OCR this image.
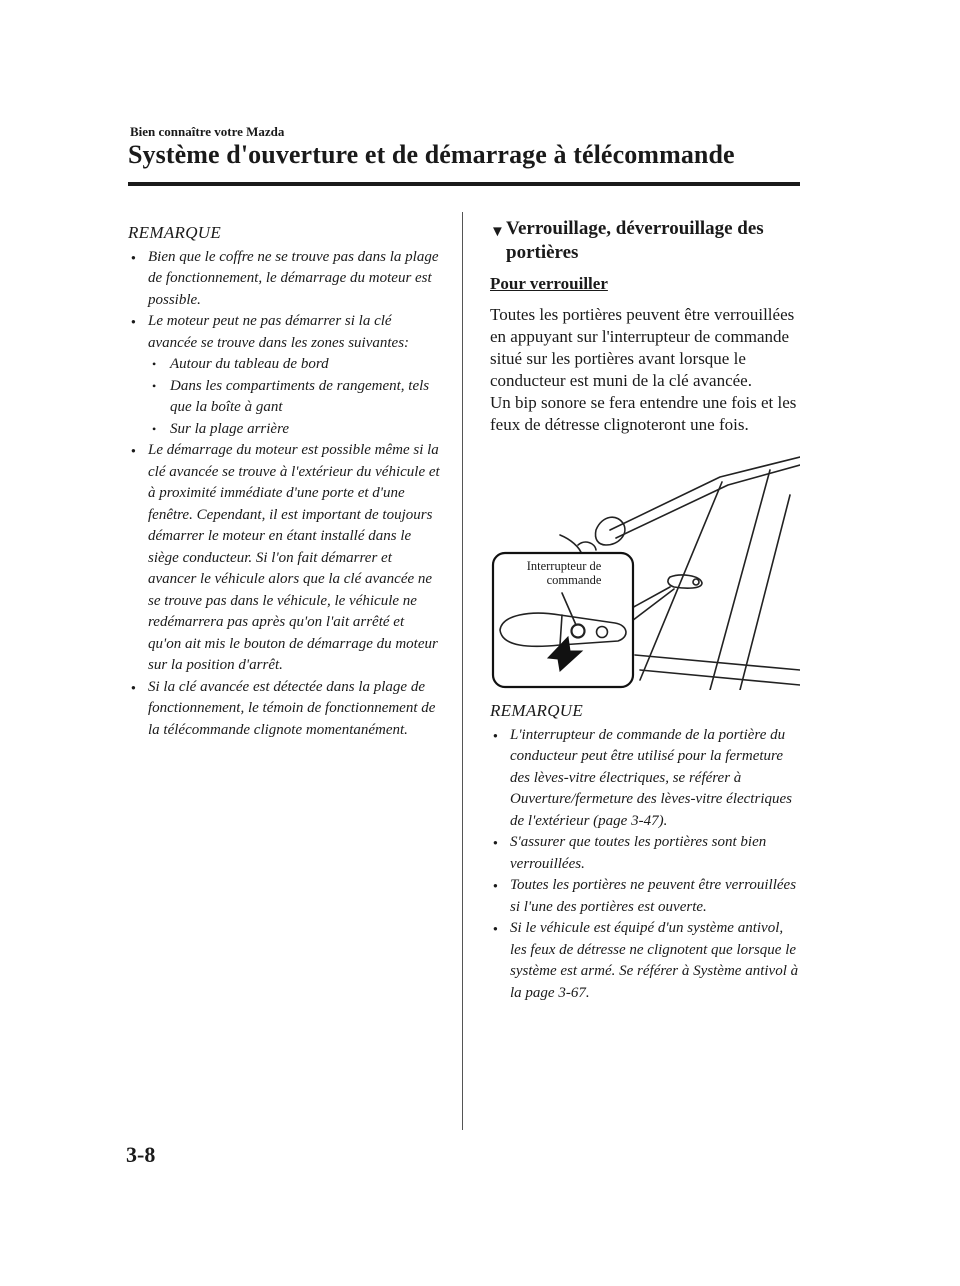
Bien connaître votre Mazda
Système d'ouverture et de démarrage à télécommande
REMARQUE
● Bien que le coffre ne se trouve pas dans la plage de fonctionnement, le démarrage du moteur est possible.
● Le moteur peut ne pas démarrer si la clé avancée se trouve dans les zones suivantes:
• Autour du tableau de bord
• Dans les compartiments de rangement, tels que la boîte à gant
• Sur la plage arrière
● Le démarrage du moteur est possible même si la clé avancée se trouve à l'extérieur du véhicule et à proximité immédiate d'une porte et d'une fenêtre. Cependant, il est important de toujours démarrer le moteur en étant installé dans le siège conducteur. Si l'on fait démarrer et avancer le véhicule alors que la clé avancée ne se trouve pas dans le véhicule, le véhicule ne redémarrera pas après qu'on l'ait arrêté et qu'on ait mis le bouton de démarrage du moteur sur la position d'arrêt.
● Si la clé avancée est détectée dans la plage de fonctionnement, le témoin de fonctionnement de la télécommande clignote momentanément.
▼ Verrouillage, déverrouillage des
portières
Pour verrouiller

Toutes les portières peuvent être verrouillées en appuyant sur l'interrupteur de commande situé sur les portières avant lorsque le conducteur est muni de la clé avancée.

Un bip sonore se fera entendre une fois et les feux de détresse clignoteront une fois.

Interrupteur de
commande
REMARQUE
● L'interrupteur de commande de la portière du conducteur peut être utilisé pour la fermeture des lèves-vitre électriques, se référer à Ouverture/fermeture des lèves-vitre électriques de l'extérieur (page 3-47).
● S'assurer que toutes les portières sont bien verrouillées.
● Toutes les portières ne peuvent être verrouillées si l'une des portières est ouverte.
● Si le véhicule est équipé d'un système antivol, les feux de détresse ne clignotent que lorsque le système est armé. Se référer à Système antivol à la page 3-67.
3-8
